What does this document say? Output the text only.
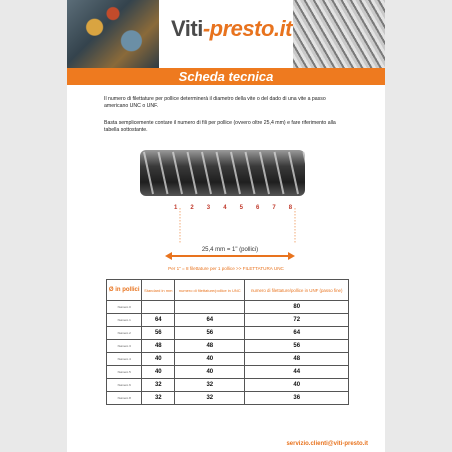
Viti-presto.it
Scheda tecnica
Il numero di filettature per pollice determinerà il diametro della vite o del dado di una vite a passo americano UNC o UNF.
Basta semplicemente contare il numero di fili per pollice (ovvero oltre 25,4 mm) e fare riferimento alla tabella sottostante.
1 2 3 4 5 6 7 8
25,4 mm = 1" (pollici)
Per 1" = 8 filettature per 1 pollice >> FILETTATURA UNC
Ø in pollici	Standard in mm	numero di filettature/pollice in UNC	numero di filettature/pollice in UNF (passo fine)
Numero 0			80
Numero 1	64	64	72
Numero 2	56	56	64
Numero 3	48	48	56
Numero 4	40	40	48
Numero 5	40	40	44
Numero 6	32	32	40
Numero 8	32	32	36
servizio.clienti@viti-presto.it
